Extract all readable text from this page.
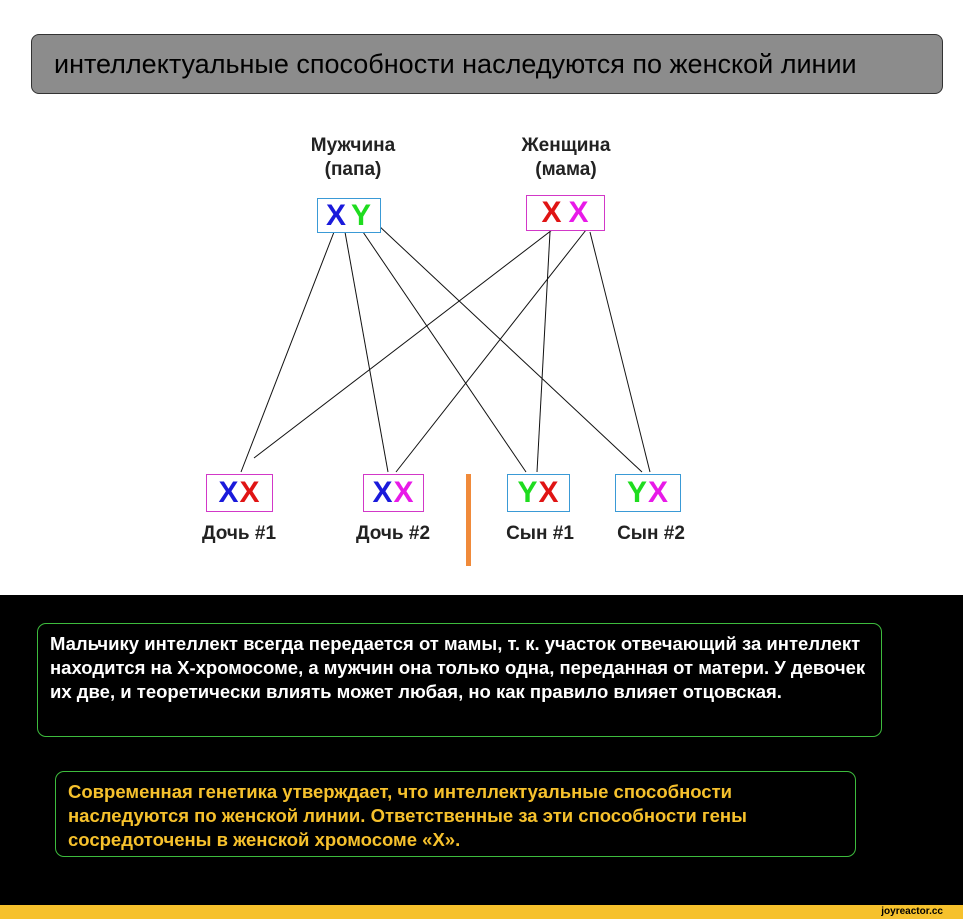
интеллектуальные способности наследуются по женской линии
Мужчина
(папа)
X Y
Женщина
(мама)
X X
X X
Дочь #1
X X
Дочь #2
Y X
Сын #1
Y X
Сын #2
Мальчику интеллект всегда передается от мамы, т. к. участок отвечающий за интеллект находится на Х-хромосоме, а мужчин она только одна, переданная от матери. У девочек их две, и теоретически влиять может любая, но как правило влияет отцовская.
Современная генетика утверждает, что интеллектуальные способности наследуются по женской линии. Ответственные за эти способности гены сосредоточены в женской хромосоме «Х».
joyreactor.cc
